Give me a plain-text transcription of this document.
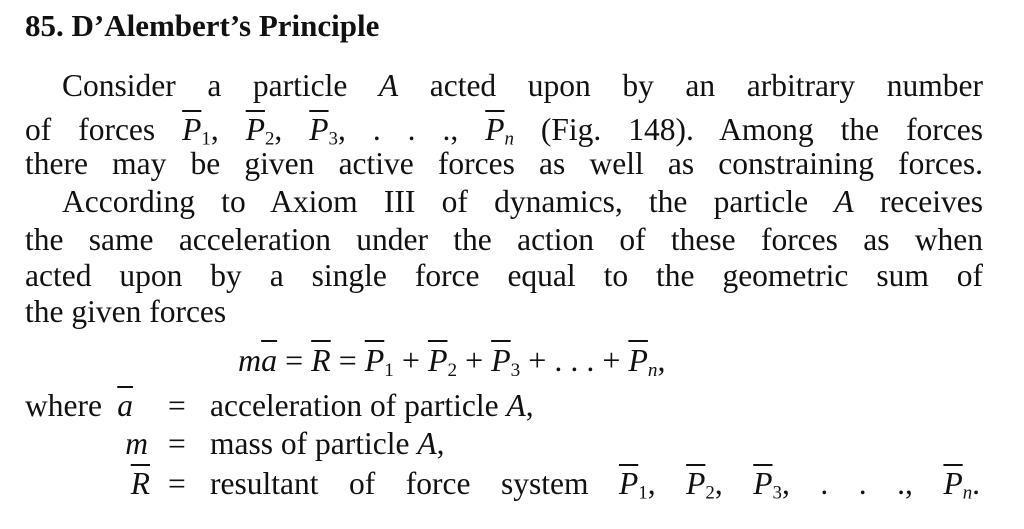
85. D’Alembert’s Principle
Consider a particle A acted upon by an arbitrary number
of forces $\overline{P}_1$, $\overline{P}_2$, $\overline{P}_3$, . . ., $\overline{P}_n$ (Fig. 148). Among the forces
there may be given active forces as well as constraining forces.
According to Axiom III of dynamics, the particle A receives
the same acceleration under the action of these forces as when
acted upon by a single force equal to the geometric sum of
the given forces
$m\overline{a} = \overline{R} = \overline{P}_1 + \overline{P}_2 + \overline{P}_3$ + . . . + $\overline{P}_n$,
where $\overline{a}$ = acceleration of particle A,
m = mass of particle A,
$\overline{R}$ = resultant of force system $\overline{P}_1$, $\overline{P}_2$, $\overline{P}_3$, . . ., $\overline{P}_n$.
